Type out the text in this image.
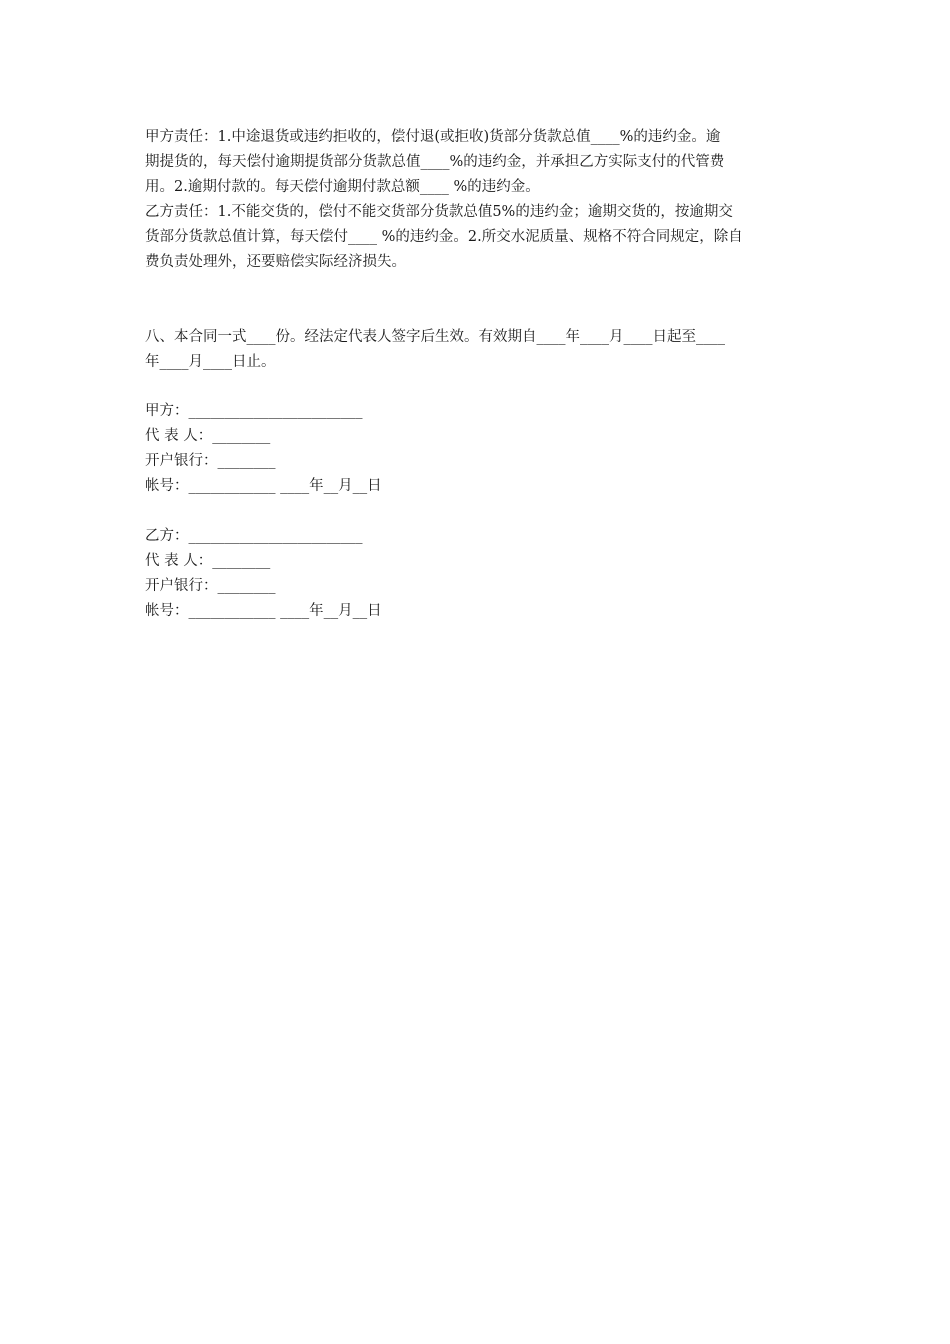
甲方责任：1.中途退货或违约拒收的，偿付退(或拒收)货部分货款总值____%的违约金。逾
期提货的，每天偿付逾期提货部分货款总值____%的违约金，并承担乙方实际支付的代管费
用。2.逾期付款的。每天偿付逾期付款总额____ %的违约金。
乙方责任：1.不能交货的，偿付不能交货部分货款总值5%的违约金；逾期交货的，按逾期交
货部分货款总值计算，每天偿付____ %的违约金。2.所交水泥质量、规格不符合同规定，除自
费负责处理外，还要赔偿实际经济损失。
八、本合同一式____份。经法定代表人签字后生效。有效期自____年____月____日起至____
年____月____日止。
甲方：________________________
代 表 人：________
开户银行：________
帐号：____________ ____年__月__日
乙方：________________________
代 表 人：________
开户银行：________
帐号：____________ ____年__月__日
